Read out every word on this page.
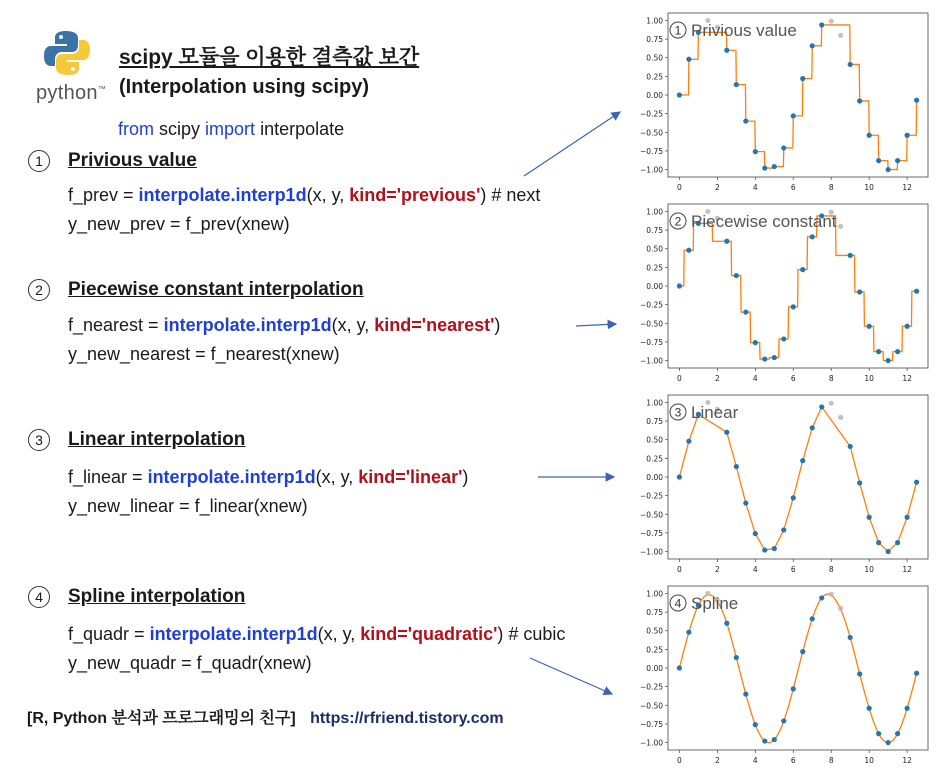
python™
scipy 모듈을 이용한 결측값 보간
(Interpolation using scipy)
from scipy import interpolate
1	Privious value
f_prev = interpolate.interp1d(x, y, kind='previous') # next
y_new_prev = f_prev(xnew)
2	Piecewise constant interpolation
f_nearest = interpolate.interp1d(x, y, kind='nearest')
y_new_nearest = f_nearest(xnew)
3	Linear interpolation
f_linear = interpolate.interp1d(x, y, kind='linear')
y_new_linear = f_linear(xnew)
4	Spline interpolation
f_quadr = interpolate.interp1d(x, y, kind='quadratic') # cubic
y_new_quadr = f_quadr(xnew)
[R, Python 분석과 프로그래밍의 친구] https://rfriend.tistory.com
1.00
0.75
0.50
0.25
0.00
−0.25
−0.50
−0.75
−1.00
0	2	4	6	8	10	12
1 Privious value
1.00
0.75
0.50
0.25
0.00
−0.25
−0.50
−0.75
−1.00
0	2	4	6	8	10	12
2 Piecewise constant
1.00
0.75
0.50
0.25
0.00
−0.25
−0.50
−0.75
−1.00
0	2	4	6	8	10	12
3 Linear
1.00
0.75
0.50
0.25
0.00
−0.25
−0.50
−0.75
−1.00
0	2	4	6	8	10	12
4 Spline
